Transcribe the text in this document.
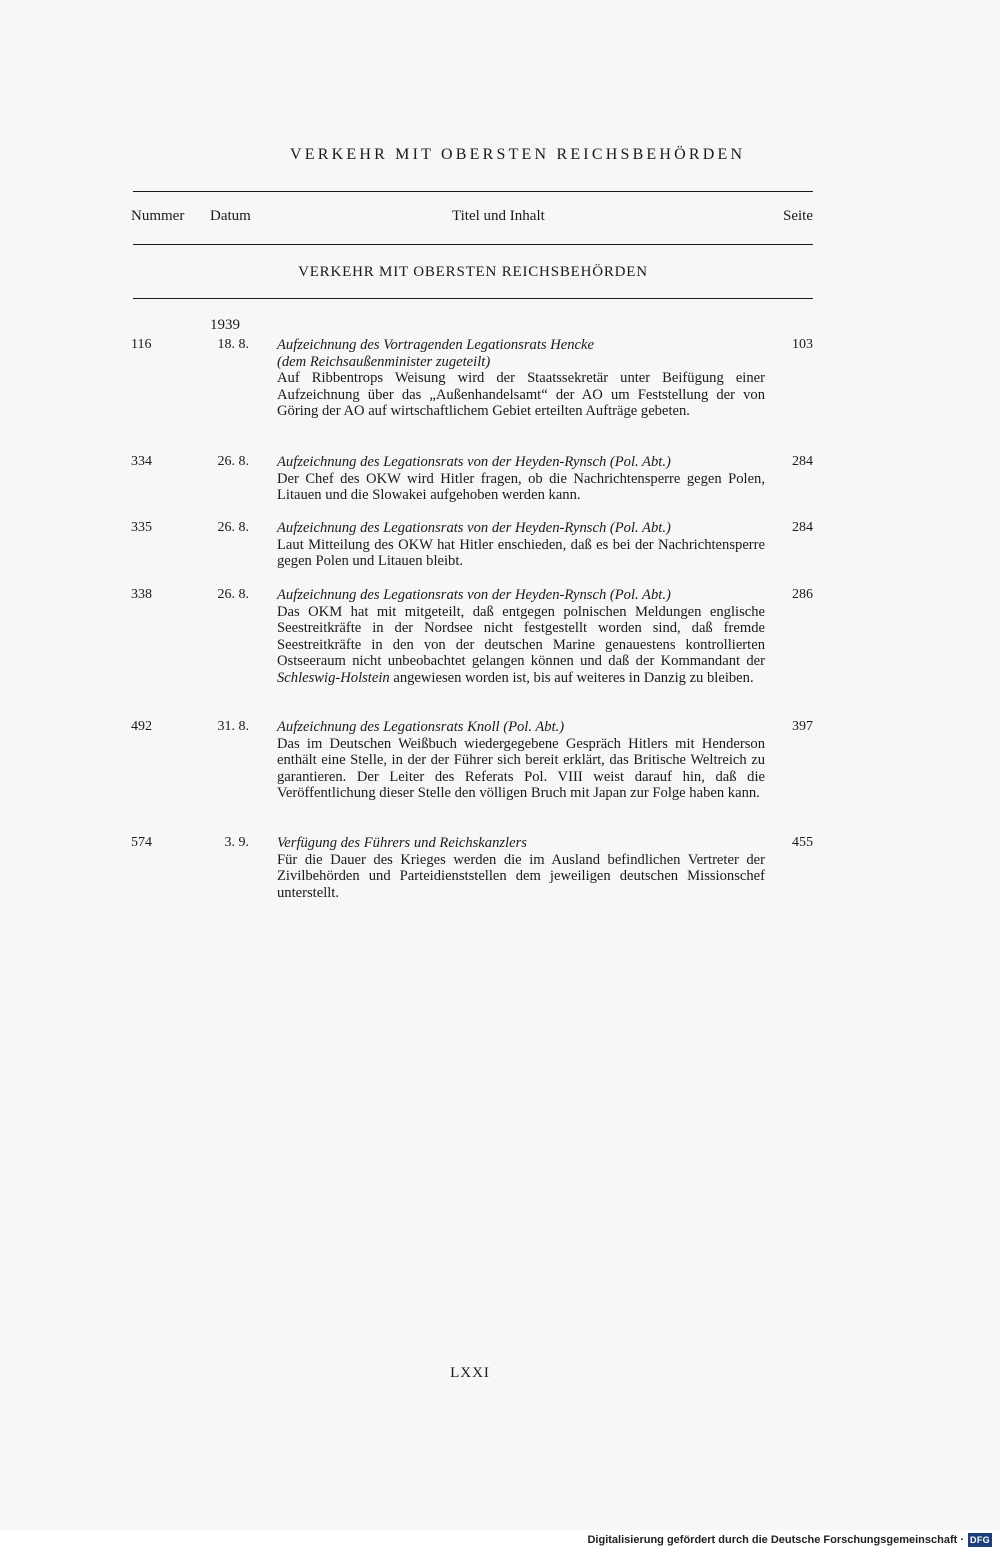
VERKEHR MIT OBERSTEN REICHSBEHÖRDEN
Nummer Datum	Titel und Inhalt	Seite
VERKEHR MIT OBERSTEN REICHSBEHÖRDEN
1939
116	18. 8. Aufzeichnung des Vortragenden Legationsrats Hencke
(dem Reichsaußenminister zugeteilt)
Auf Ribbentrops Weisung wird der Staatssekretär unter Beifügung einer Aufzeichnung über das „Außenhandelsamt“ der AO um Feststellung der von Göring der AO auf wirtschaftlichem Gebiet erteilten Aufträge gebeten.
103
334	26. 8. Aufzeichnung des Legationsrats von der Heyden-Rynsch (Pol. Abt.)
Der Chef des OKW wird Hitler fragen, ob die Nachrichtensperre gegen Polen, Litauen und die Slowakei aufgehoben werden kann.
284
335	26. 8. Aufzeichnung des Legationsrats von der Heyden-Rynsch (Pol. Abt.)
Laut Mitteilung des OKW hat Hitler enschieden, daß es bei der Nachrichtensperre gegen Polen und Litauen bleibt.
284
338	26. 8. Aufzeichnung des Legationsrats von der Heyden-Rynsch (Pol. Abt.)
Das OKM hat mit mitgeteilt, daß entgegen polnischen Meldungen englische Seestreitkräfte in der Nordsee nicht festgestellt worden sind, daß fremde Seestreitkräfte in den von der deutschen Marine genauestens kontrollierten Ostseeraum nicht unbeobachtet gelangen können und daß der Kommandant der Schleswig-Holstein angewiesen worden ist, bis auf weiteres in Danzig zu bleiben.
286
492	31. 8. Aufzeichnung des Legationsrats Knoll (Pol. Abt.)
Das im Deutschen Weißbuch wiedergegebene Gespräch Hitlers mit Henderson enthält eine Stelle, in der der Führer sich bereit erklärt, das Britische Weltreich zu garantieren. Der Leiter des Referats Pol. VIII weist darauf hin, daß die Veröffentlichung dieser Stelle den völligen Bruch mit Japan zur Folge haben kann.
397
574	3. 9. Verfügung des Führers und Reichskanzlers
Für die Dauer des Krieges werden die im Ausland befindlichen Vertreter der Zivilbehörden und Parteidienststellen dem jeweiligen deutschen Missionschef unterstellt.
455
LXXI
Digitalisierung gefördert durch die Deutsche Forschungsgemeinschaft · DFG
